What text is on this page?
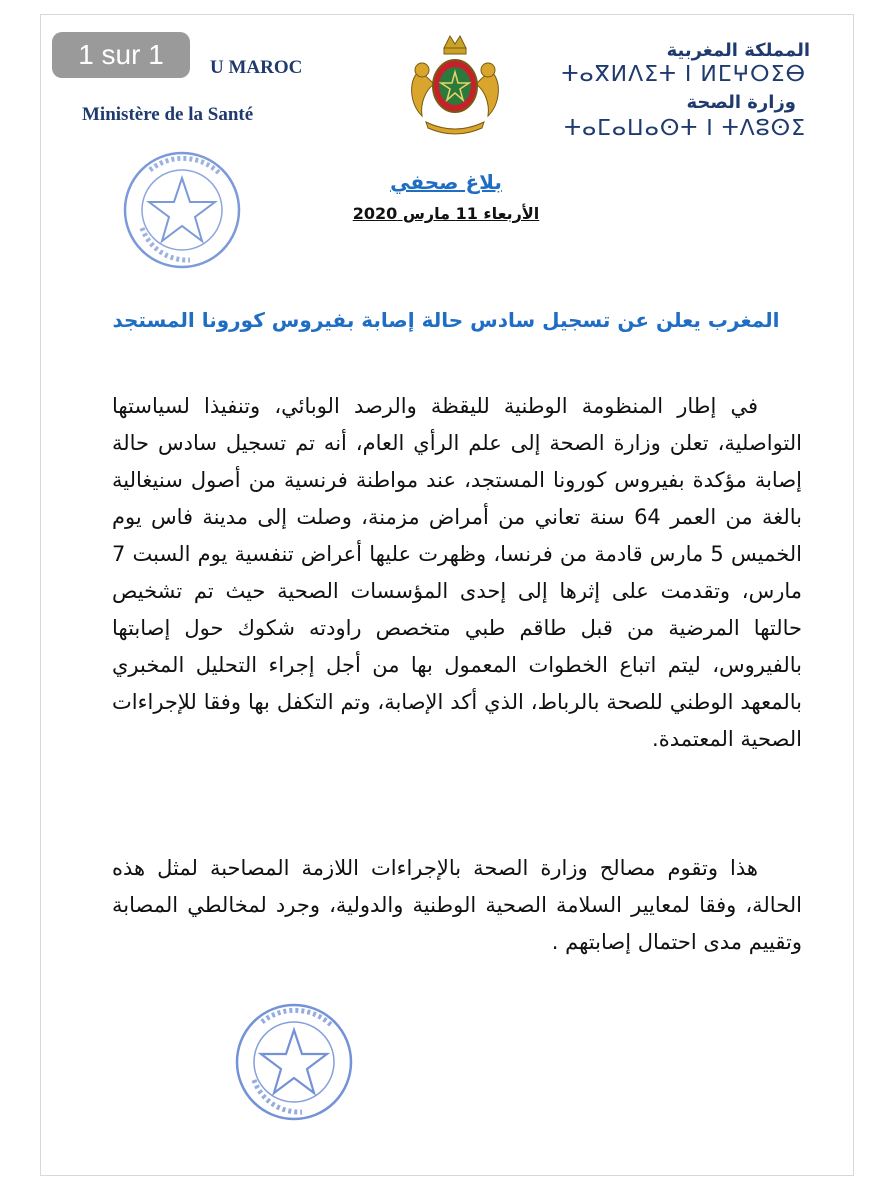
1 sur 1	U MAROC
Ministère de la Santé
المملكة المغربية
ⵜⴰⴳⵍⴷⵉⵜ ⵏ ⵍⵎⵖⵔⵉⴱ
وزارة الصحة
ⵜⴰⵎⴰⵡⴰⵙⵜ ⵏ ⵜⴷⵓⵙⵉ
بلاغ صحفي
الأربعاء 11 مارس 2020
المغرب يعلن عن تسجيل سادس حالة إصابة بفيروس كورونا المستجد

في إطار المنظومة الوطنية لليقظة والرصد الوبائي، وتنفيذا لسياستها التواصلية، تعلن وزارة الصحة إلى علم الرأي العام، أنه تم تسجيل سادس حالة إصابة مؤكدة بفيروس كورونا المستجد، عند مواطنة فرنسية من أصول سنيغالية بالغة من العمر 64 سنة تعاني من أمراض مزمنة، وصلت إلى مدينة فاس يوم الخميس 5 مارس قادمة من فرنسا، وظهرت عليها أعراض تنفسية يوم السبت 7 مارس، وتقدمت على إثرها إلى إحدى المؤسسات الصحية حيث تم تشخيص حالتها المرضية من قبل طاقم طبي متخصص راودته شكوك حول إصابتها بالفيروس، ليتم اتباع الخطوات المعمول بها من أجل إجراء التحليل المخبري بالمعهد الوطني للصحة بالرباط، الذي أكد الإصابة، وتم التكفل بها وفقا للإجراءات الصحية المعتمدة.

هذا وتقوم مصالح وزارة الصحة بالإجراءات اللازمة المصاحبة لمثل هذه الحالة، وفقا لمعايير السلامة الصحية الوطنية والدولية، وجرد لمخالطي المصابة وتقييم مدى احتمال إصابتهم .
